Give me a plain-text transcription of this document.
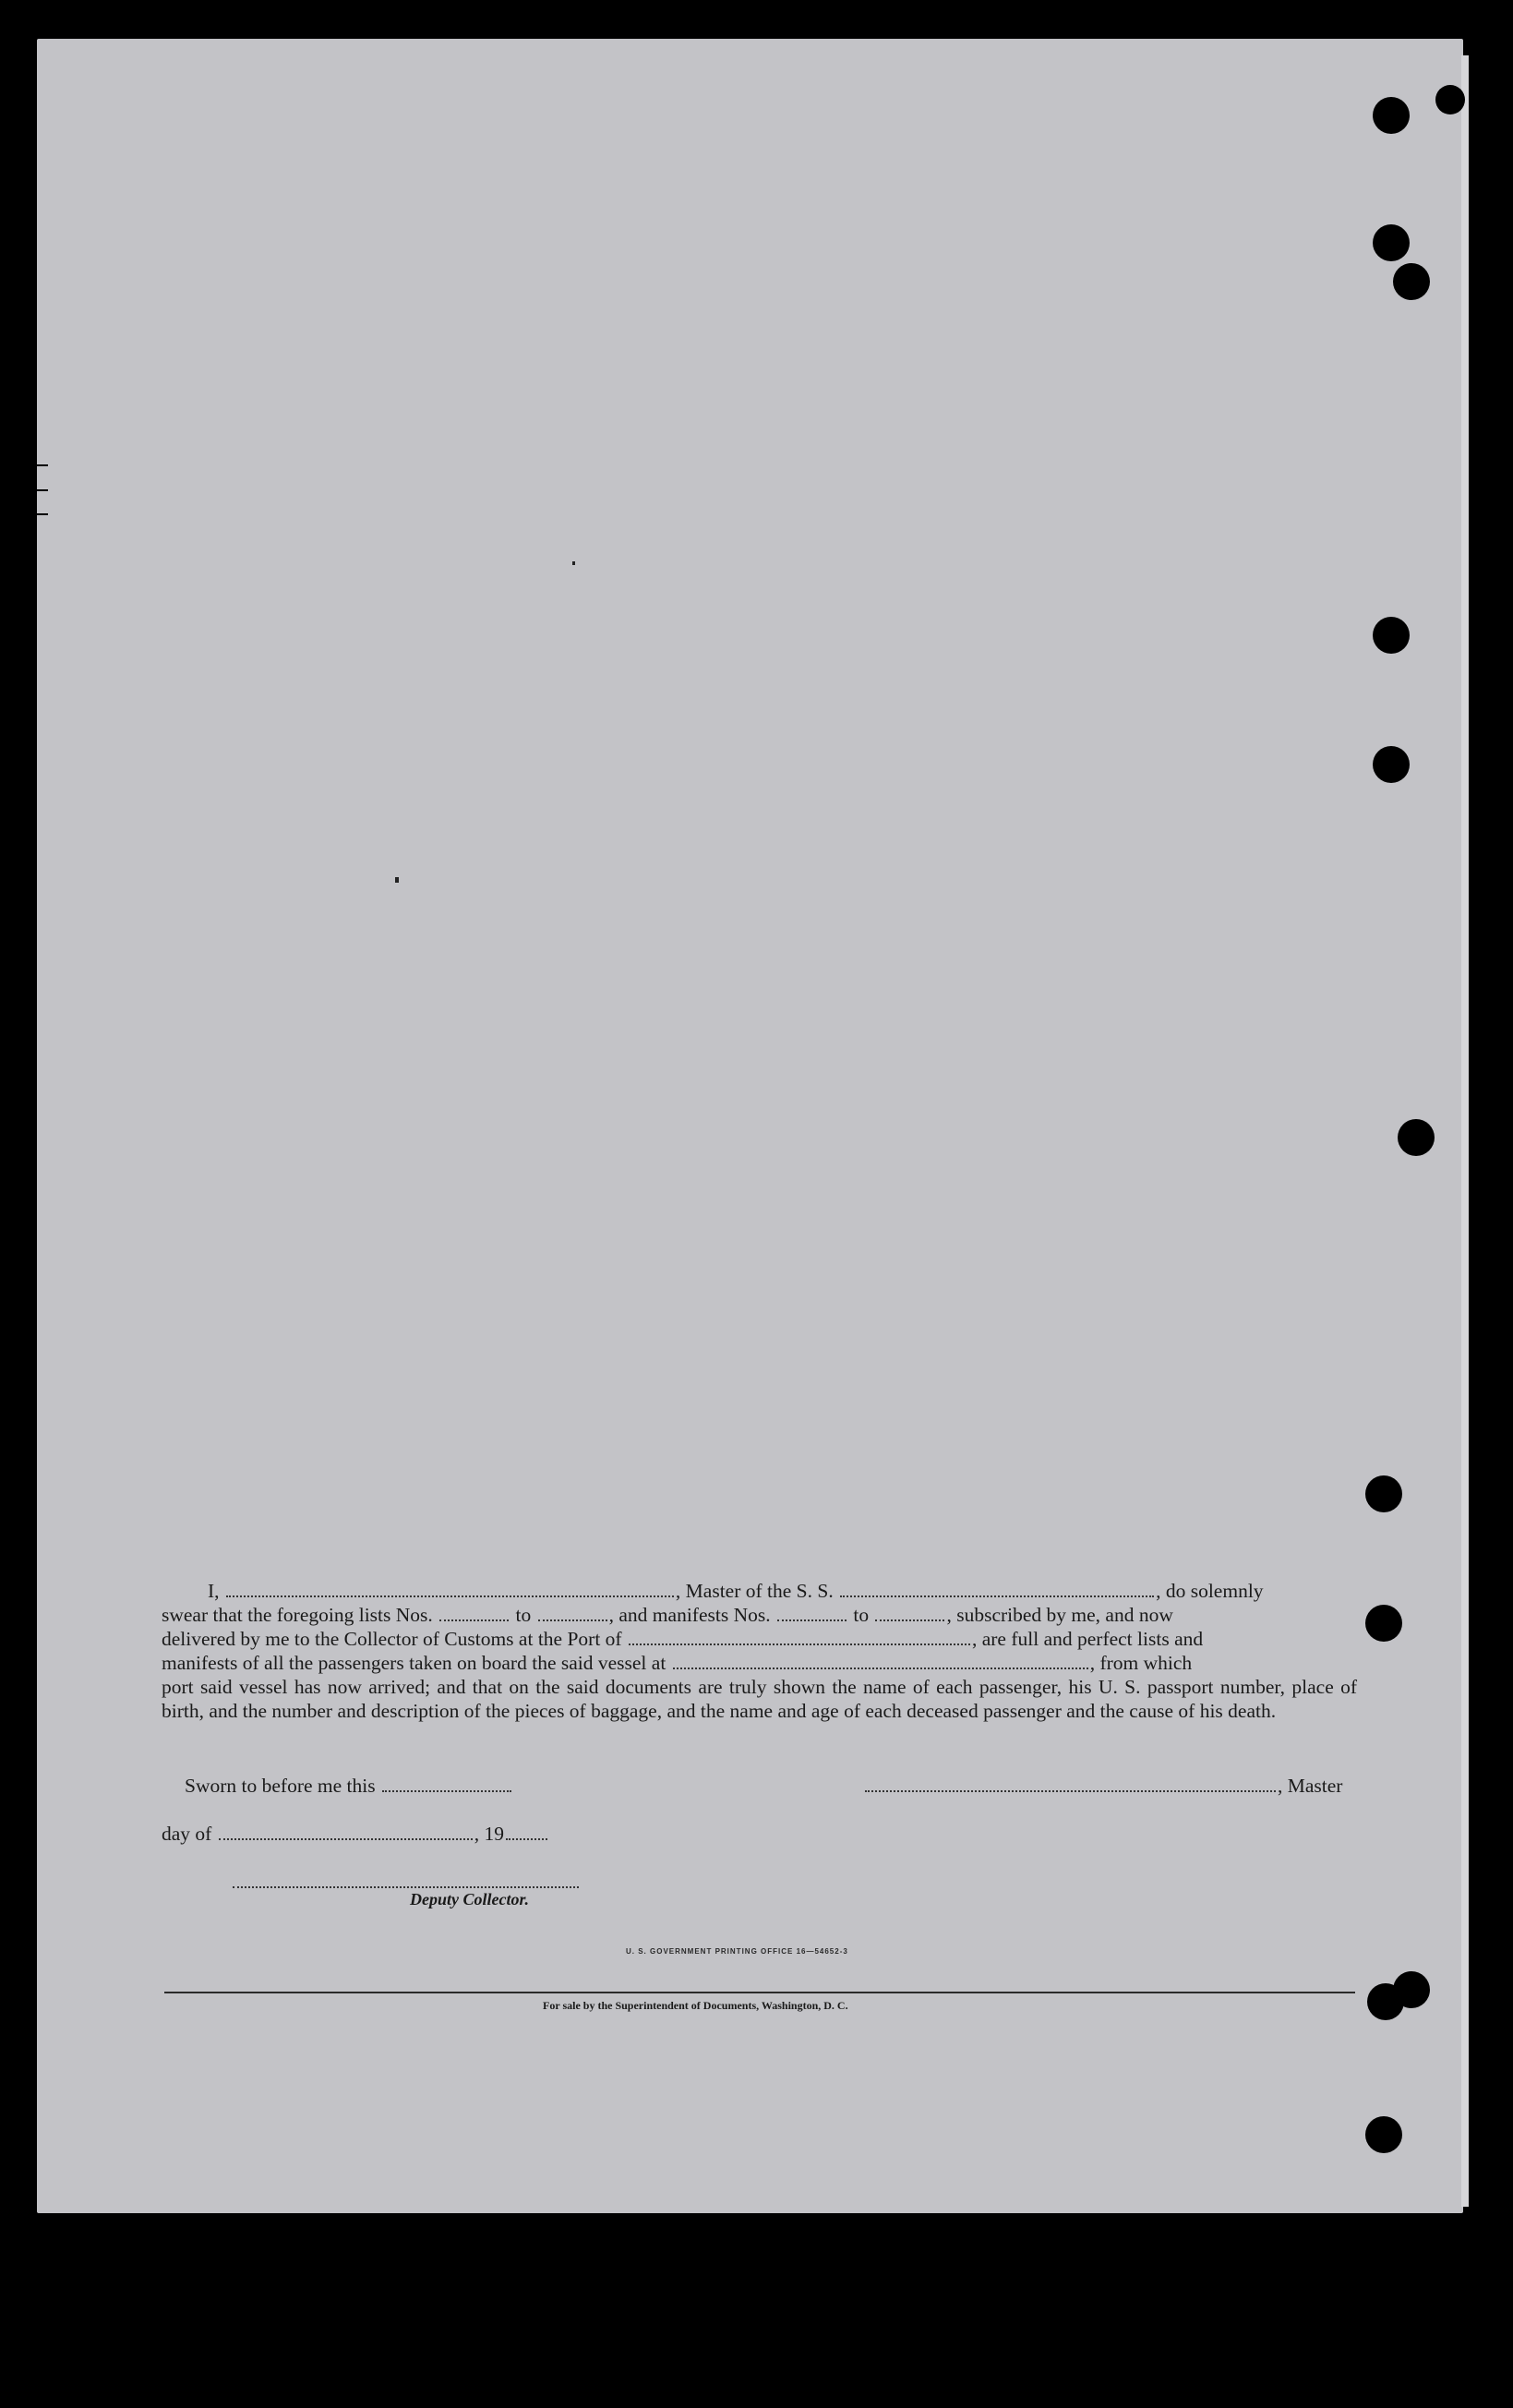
I,	, Master of the S. S.	, do solemnly

swear that the foregoing lists Nos.	to	, and manifests Nos.	to	, subscribed by me, and now

delivered by me to the Collector of Customs at the Port of	, are full and perfect lists and

manifests of all the passengers taken on board the said vessel at	, from which

port said vessel has now arrived; and that on the said documents are truly shown the name of each passenger, his U. S. passport number, place of birth, and the number and description of the pieces of baggage, and the name and age of each deceased passenger and the cause of his death.

Sworn to before me this	, Master
day of	, 19
Deputy Collector.
U. S. GOVERNMENT PRINTING OFFICE 16—54652-3
For sale by the Superintendent of Documents, Washington, D. C.
